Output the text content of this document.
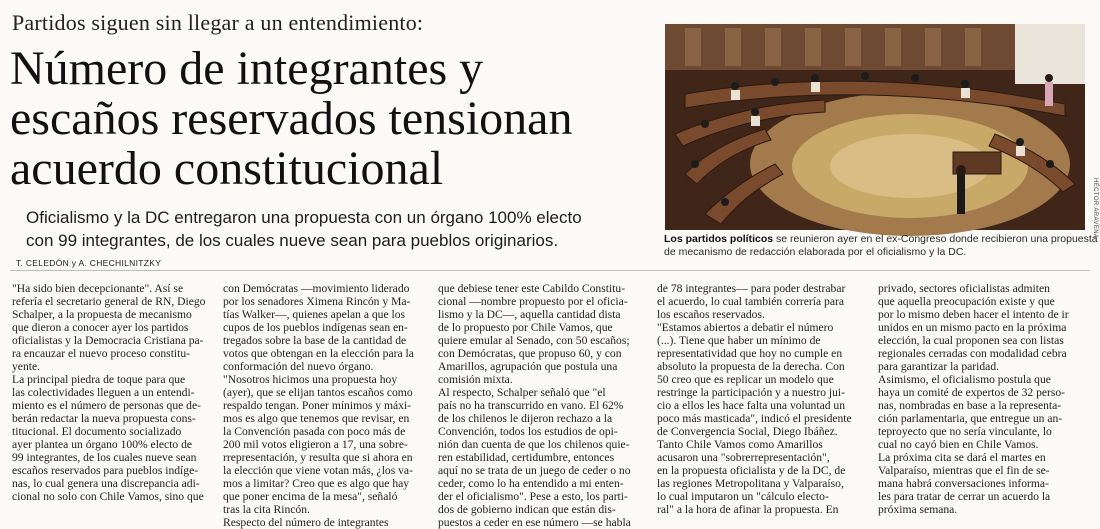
Partidos siguen sin llegar a un entendimiento:
Número de integrantes y
escaños reservados tensionan
acuerdo constitucional
Oficialismo y la DC entregaron una propuesta con un órgano 100% electo
con 99 integrantes, de los cuales nueve sean para pueblos originarios.
T. CELEDÓN y A. CHECHILNITZKY
HÉCTOR ARAVENA
Los partidos políticos se reunieron ayer en el ex-Congreso donde recibieron una propuesta
de mecanismo de redacción elaborada por el oficialismo y la DC.
"Ha sido bien decepcionante". Así se
refería el secretario general de RN, Diego
Schalper, a la propuesta de mecanismo
que dieron a conocer ayer los partidos
oficialistas y la Democracia Cristiana pa-
ra encauzar el nuevo proceso constitu-
yente.
La principal piedra de toque para que
las colectividades lleguen a un entendi-
miento es el número de personas que de-
berán redactar la nueva propuesta cons-
titucional. El documento socializado
ayer plantea un órgano 100% electo de
99 integrantes, de los cuales nueve sean
escaños reservados para pueblos indíge-
nas, lo cual genera una discrepancia adi-
cional no solo con Chile Vamos, sino que
con Demócratas —movimiento liderado
por los senadores Ximena Rincón y Ma-
tías Walker—, quienes apelan a que los
cupos de los pueblos indígenas sean en-
tregados sobre la base de la cantidad de
votos que obtengan en la elección para la
conformación del nuevo órgano.
"Nosotros hicimos una propuesta hoy
(ayer), que se elijan tantos escaños como
respaldo tengan. Poner mínimos y máxi-
mos es algo que tenemos que revisar, en
la Convención pasada con poco más de
200 mil votos eligieron a 17, una sobre-
rrepresentación, y resulta que si ahora en
la elección que viene votan más, ¿los va-
mos a limitar? Creo que es algo que hay
que poner encima de la mesa", señaló
tras la cita Rincón.
Respecto del número de integrantes
que debiese tener este Cabildo Constitu-
cional —nombre propuesto por el oficia-
lismo y la DC—, aquella cantidad dista
de lo propuesto por Chile Vamos, que
quiere emular al Senado, con 50 escaños;
con Demócratas, que propuso 60, y con
Amarillos, agrupación que postula una
comisión mixta.
Al respecto, Schalper señaló que "el
país no ha transcurrido en vano. El 62%
de los chilenos le dijeron rechazo a la
Convención, todos los estudios de opi-
nión dan cuenta de que los chilenos quie-
ren estabilidad, certidumbre, entonces
aquí no se trata de un juego de ceder o no
ceder, como lo ha entendido a mi enten-
der el oficialismo". Pese a esto, los parti-
dos de gobierno indican que están dis-
puestos a ceder en ese número —se habla
de 78 integrantes— para poder destrabar
el acuerdo, lo cual también correría para
los escaños reservados.
"Estamos abiertos a debatir el número
(...). Tiene que haber un mínimo de
representatividad que hoy no cumple en
absoluto la propuesta de la derecha. Con
50 creo que es replicar un modelo que
restringe la participación y a nuestro jui-
cio a ellos les hace falta una voluntad un
poco más masticada", indicó el presidente
de Convergencia Social, Diego Ibáñez.
Tanto Chile Vamos como Amarillos
acusaron una "sobrerrepresentación",
en la propuesta oficialista y de la DC, de
las regiones Metropolitana y Valparaíso,
lo cual imputaron un "cálculo electo-
ral" a la hora de afinar la propuesta. En
privado, sectores oficialistas admiten
que aquella preocupación existe y que
por lo mismo deben hacer el intento de ir
unidos en un mismo pacto en la próxima
elección, la cual proponen sea con listas
regionales cerradas con modalidad cebra
para garantizar la paridad.
Asimismo, el oficialismo postula que
haya un comité de expertos de 32 perso-
nas, nombradas en base a la representa-
ción parlamentaria, que entregue un an-
teproyecto que no sería vinculante, lo
cual no cayó bien en Chile Vamos.
La próxima cita se dará el martes en
Valparaíso, mientras que el fin de se-
mana habrá conversaciones informa-
les para tratar de cerrar un acuerdo la
próxima semana.
